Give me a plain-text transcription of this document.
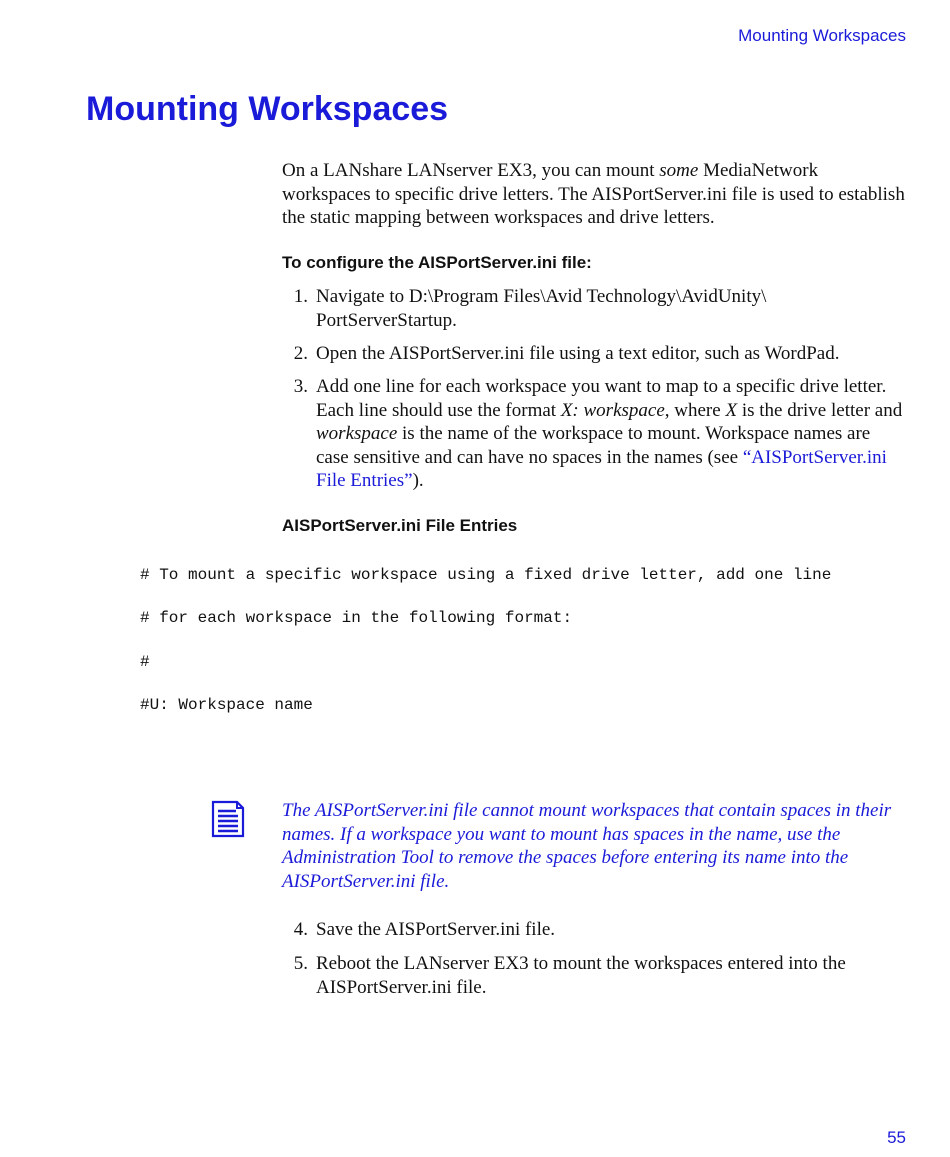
Mounting Workspaces
Mounting Workspaces

On a LANshare LANserver EX3, you can mount some MediaNetwork workspaces to specific drive letters. The AISPortServer.ini file is used to establish the static mapping between workspaces and drive letters.

To configure the AISPortServer.ini file:
1. Navigate to D:\Program Files\Avid Technology\AvidUnity\
PortServerStartup.
2. Open the AISPortServer.ini file using a text editor, such as WordPad.
3. Add one line for each workspace you want to map to a specific drive letter. Each line should use the format X: workspace, where X is the drive letter and workspace is the name of the workspace to mount. Workspace names are case sensitive and can have no spaces in the names (see “AISPortServer.ini File Entries”).
AISPortServer.ini File Entries
# To mount a specific workspace using a fixed drive letter, add one line
# for each workspace in the following format:
#
#U: Workspace name

The AISPortServer.ini file cannot mount workspaces that contain spaces in their names. If a workspace you want to mount has spaces in the name, use the Administration Tool to remove the spaces before entering its name into the AISPortServer.ini file.

4. Save the AISPortServer.ini file.
5. Reboot the LANserver EX3 to mount the workspaces entered into the
AISPortServer.ini file.
55
